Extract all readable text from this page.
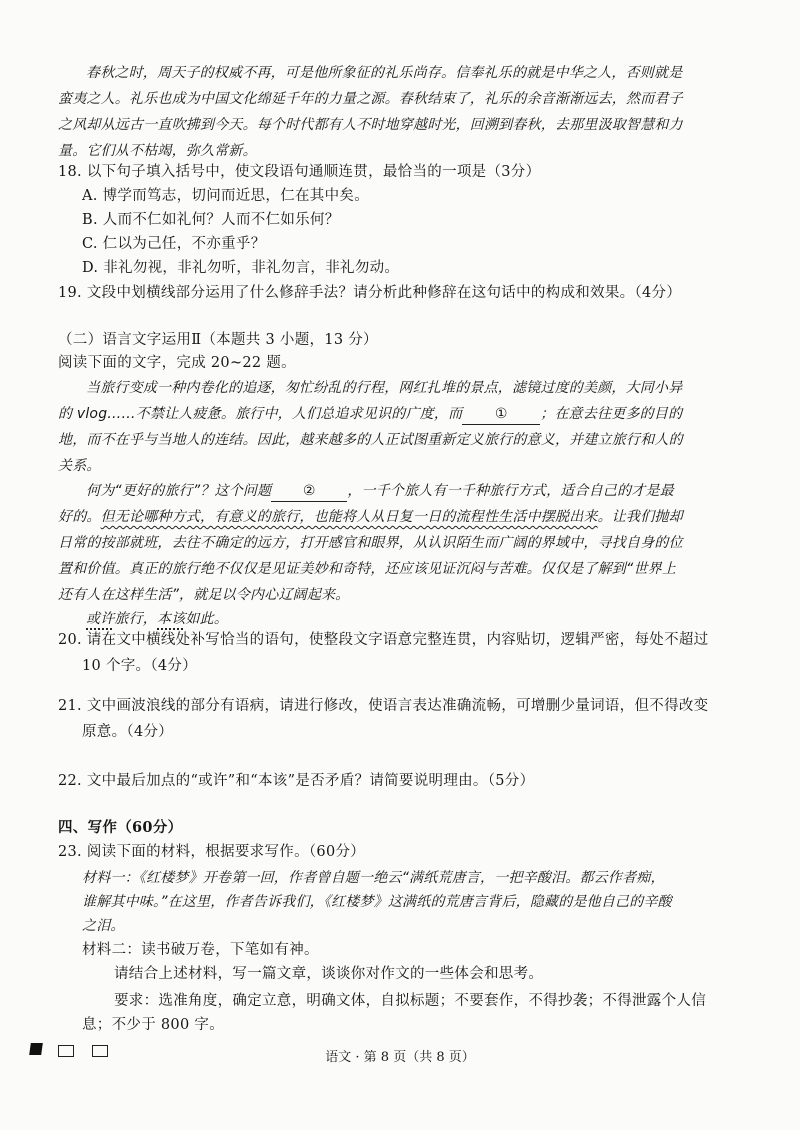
春秋之时，周天子的权威不再，可是他所象征的礼乐尚存。信奉礼乐的就是中华之人，否则就是
蛮夷之人。礼乐也成为中国文化绵延千年的力量之源。春秋结束了，礼乐的余音渐渐远去，然而君子
之风却从远古一直吹拂到今天。每个时代都有人不时地穿越时光，回溯到春秋，去那里汲取智慧和力
量。它们从不枯竭，弥久常新。
18. 以下句子填入括号中，使文段语句通顺连贯，最恰当的一项是（3分）
A. 博学而笃志，切问而近思，仁在其中矣。
B. 人而不仁如礼何？人而不仁如乐何？
C. 仁以为己任，不亦重乎？
D. 非礼勿视，非礼勿听，非礼勿言，非礼勿动。
19. 文段中划横线部分运用了什么修辞手法？请分析此种修辞在这句话中的构成和效果。（4分）
（二）语言文字运用Ⅱ（本题共 3 小题，13 分）
阅读下面的文字，完成 20~22 题。
当旅行变成一种内卷化的追逐，匆忙纷乱的行程，网红扎堆的景点，滤镜过度的美颜，大同小异
的 vlog……不禁让人疲惫。旅行中，人们总追求见识的广度，而 ① ；在意去往更多的目的
地，而不在乎与当地人的连结。因此，越来越多的人正试图重新定义旅行的意义，并建立旅行和人的
关系。
何为“更好的旅行”？这个问题 ② ，一千个旅人有一千种旅行方式，适合自己的才是最
好的。但无论哪种方式，有意义的旅行，也能将人从日复一日的流程性生活中摆脱出来。让我们抛却
日常的按部就班，去往不确定的远方，打开感官和眼界，从认识陌生而广阔的界域中，寻找自身的位
置和价值。真正的旅行绝不仅仅是见证美妙和奇特，还应该见证沉闷与苦难。仅仅是了解到“世界上
还有人在这样生活”，就足以令内心辽阔起来。
或许旅行，本该如此。
20. 请在文中横线处补写恰当的语句，使整段文字语意完整连贯，内容贴切，逻辑严密，每处不超过
10 个字。（4分）
21. 文中画波浪线的部分有语病，请进行修改，使语言表达准确流畅，可增删少量词语，但不得改变
原意。（4分）
22. 文中最后加点的“或许”和“本该”是否矛盾？请简要说明理由。（5分）
四、写作（60分）
23. 阅读下面的材料，根据要求写作。（60分）
材料一：《红楼梦》开卷第一回，作者曾自题一绝云“满纸荒唐言，一把辛酸泪。都云作者痴，
谁解其中味。”在这里，作者告诉我们，《红楼梦》这满纸的荒唐言背后，隐藏的是他自己的辛酸
之泪。
材料二：读书破万卷，下笔如有神。
请结合上述材料，写一篇文章，谈谈你对作文的一些体会和思考。
要求：选准角度，确定立意，明确文体，自拟标题；不要套作，不得抄袭；不得泄露个人信
息；不少于 800 字。
语文 · 第 8 页（共 8 页）
